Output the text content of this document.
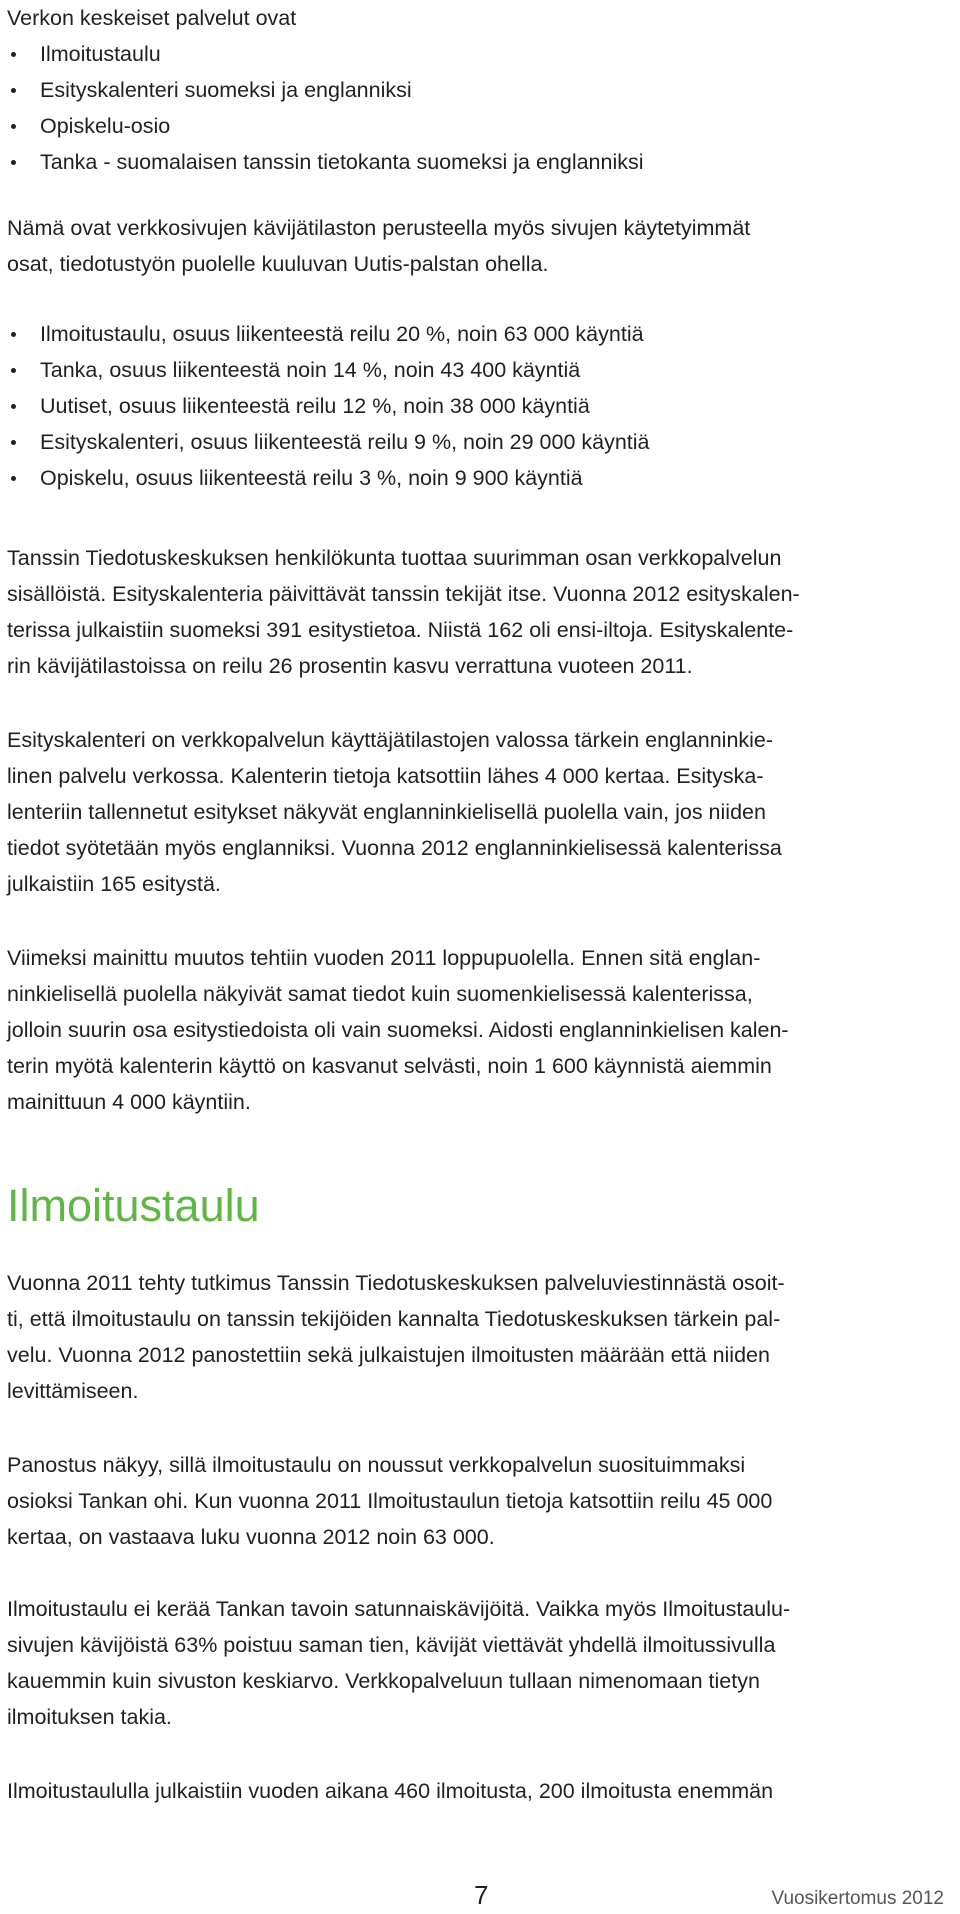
Verkon keskeiset palvelut ovat

Ilmoitustaulu
Esityskalenteri suomeksi ja englanniksi
Opiskelu-osio
Tanka - suomalaisen tanssin tietokanta suomeksi ja englanniksi

Nämä ovat verkkosivujen kävijätilaston perusteella myös sivujen käytetyimmät

osat, tiedotustyön puolelle kuuluvan Uutis-palstan ohella.

Ilmoitustaulu, osuus liikenteestä reilu 20 %, noin 63 000 käyntiä
Tanka, osuus liikenteestä noin 14 %, noin 43 400 käyntiä
Uutiset, osuus liikenteestä reilu 12 %, noin 38 000 käyntiä
Esityskalenteri, osuus liikenteestä reilu 9 %, noin 29 000 käyntiä
Opiskelu, osuus liikenteestä reilu 3 %, noin 9 900 käyntiä

Tanssin Tiedotuskeskuksen henkilökunta tuottaa suurimman osan verkkopalvelun

sisällöistä. Esityskalenteria päivittävät tanssin tekijät itse. Vuonna 2012 esityskalen-

terissa julkaistiin suomeksi 391 esitystietoa. Niistä 162 oli ensi-iltoja. Esityskalente-

rin kävijätilastoissa on reilu 26 prosentin kasvu verrattuna vuoteen 2011.

Esityskalenteri on verkkopalvelun käyttäjätilastojen valossa tärkein englanninkie-

linen palvelu verkossa. Kalenterin tietoja katsottiin lähes 4 000 kertaa. Esityska-

lenteriin tallennetut esitykset näkyvät englanninkielisellä puolella vain, jos niiden

tiedot syötetään myös englanniksi. Vuonna 2012 englanninkielisessä kalenterissa

julkaistiin 165 esitystä.

Viimeksi mainittu muutos tehtiin vuoden 2011 loppupuolella. Ennen sitä englan-

ninkielisellä puolella näkyivät samat tiedot kuin suomenkielisessä kalenterissa,

jolloin suurin osa esitystiedoista oli vain suomeksi. Aidosti englanninkielisen kalen-

terin myötä kalenterin käyttö on kasvanut selvästi, noin 1 600 käynnistä aiemmin

mainittuun 4 000 käyntiin.

Ilmoitustaulu

Vuonna 2011 tehty tutkimus Tanssin Tiedotuskeskuksen palveluviestinnästä osoit-

ti, että ilmoitustaulu on tanssin tekijöiden kannalta Tiedotuskeskuksen tärkein pal-

velu. Vuonna 2012 panostettiin sekä julkaistujen ilmoitusten määrään että niiden

levittämiseen.

Panostus näkyy, sillä ilmoitustaulu on noussut verkkopalvelun suosituimmaksi

osioksi Tankan ohi. Kun vuonna 2011 Ilmoitustaulun tietoja katsottiin reilu 45 000

kertaa, on vastaava luku vuonna 2012 noin 63 000.

Ilmoitustaulu ei kerää Tankan tavoin satunnaiskävijöitä. Vaikka myös Ilmoitustaulu-

sivujen kävijöistä 63% poistuu saman tien, kävijät viettävät yhdellä ilmoitussivulla

kauemmin kuin sivuston keskiarvo. Verkkopalveluun tullaan nimenomaan tietyn

ilmoituksen takia.

Ilmoitustaululla julkaistiin vuoden aikana 460 ilmoitusta, 200 ilmoitusta enemmän

7	Vuosikertomus 2012
